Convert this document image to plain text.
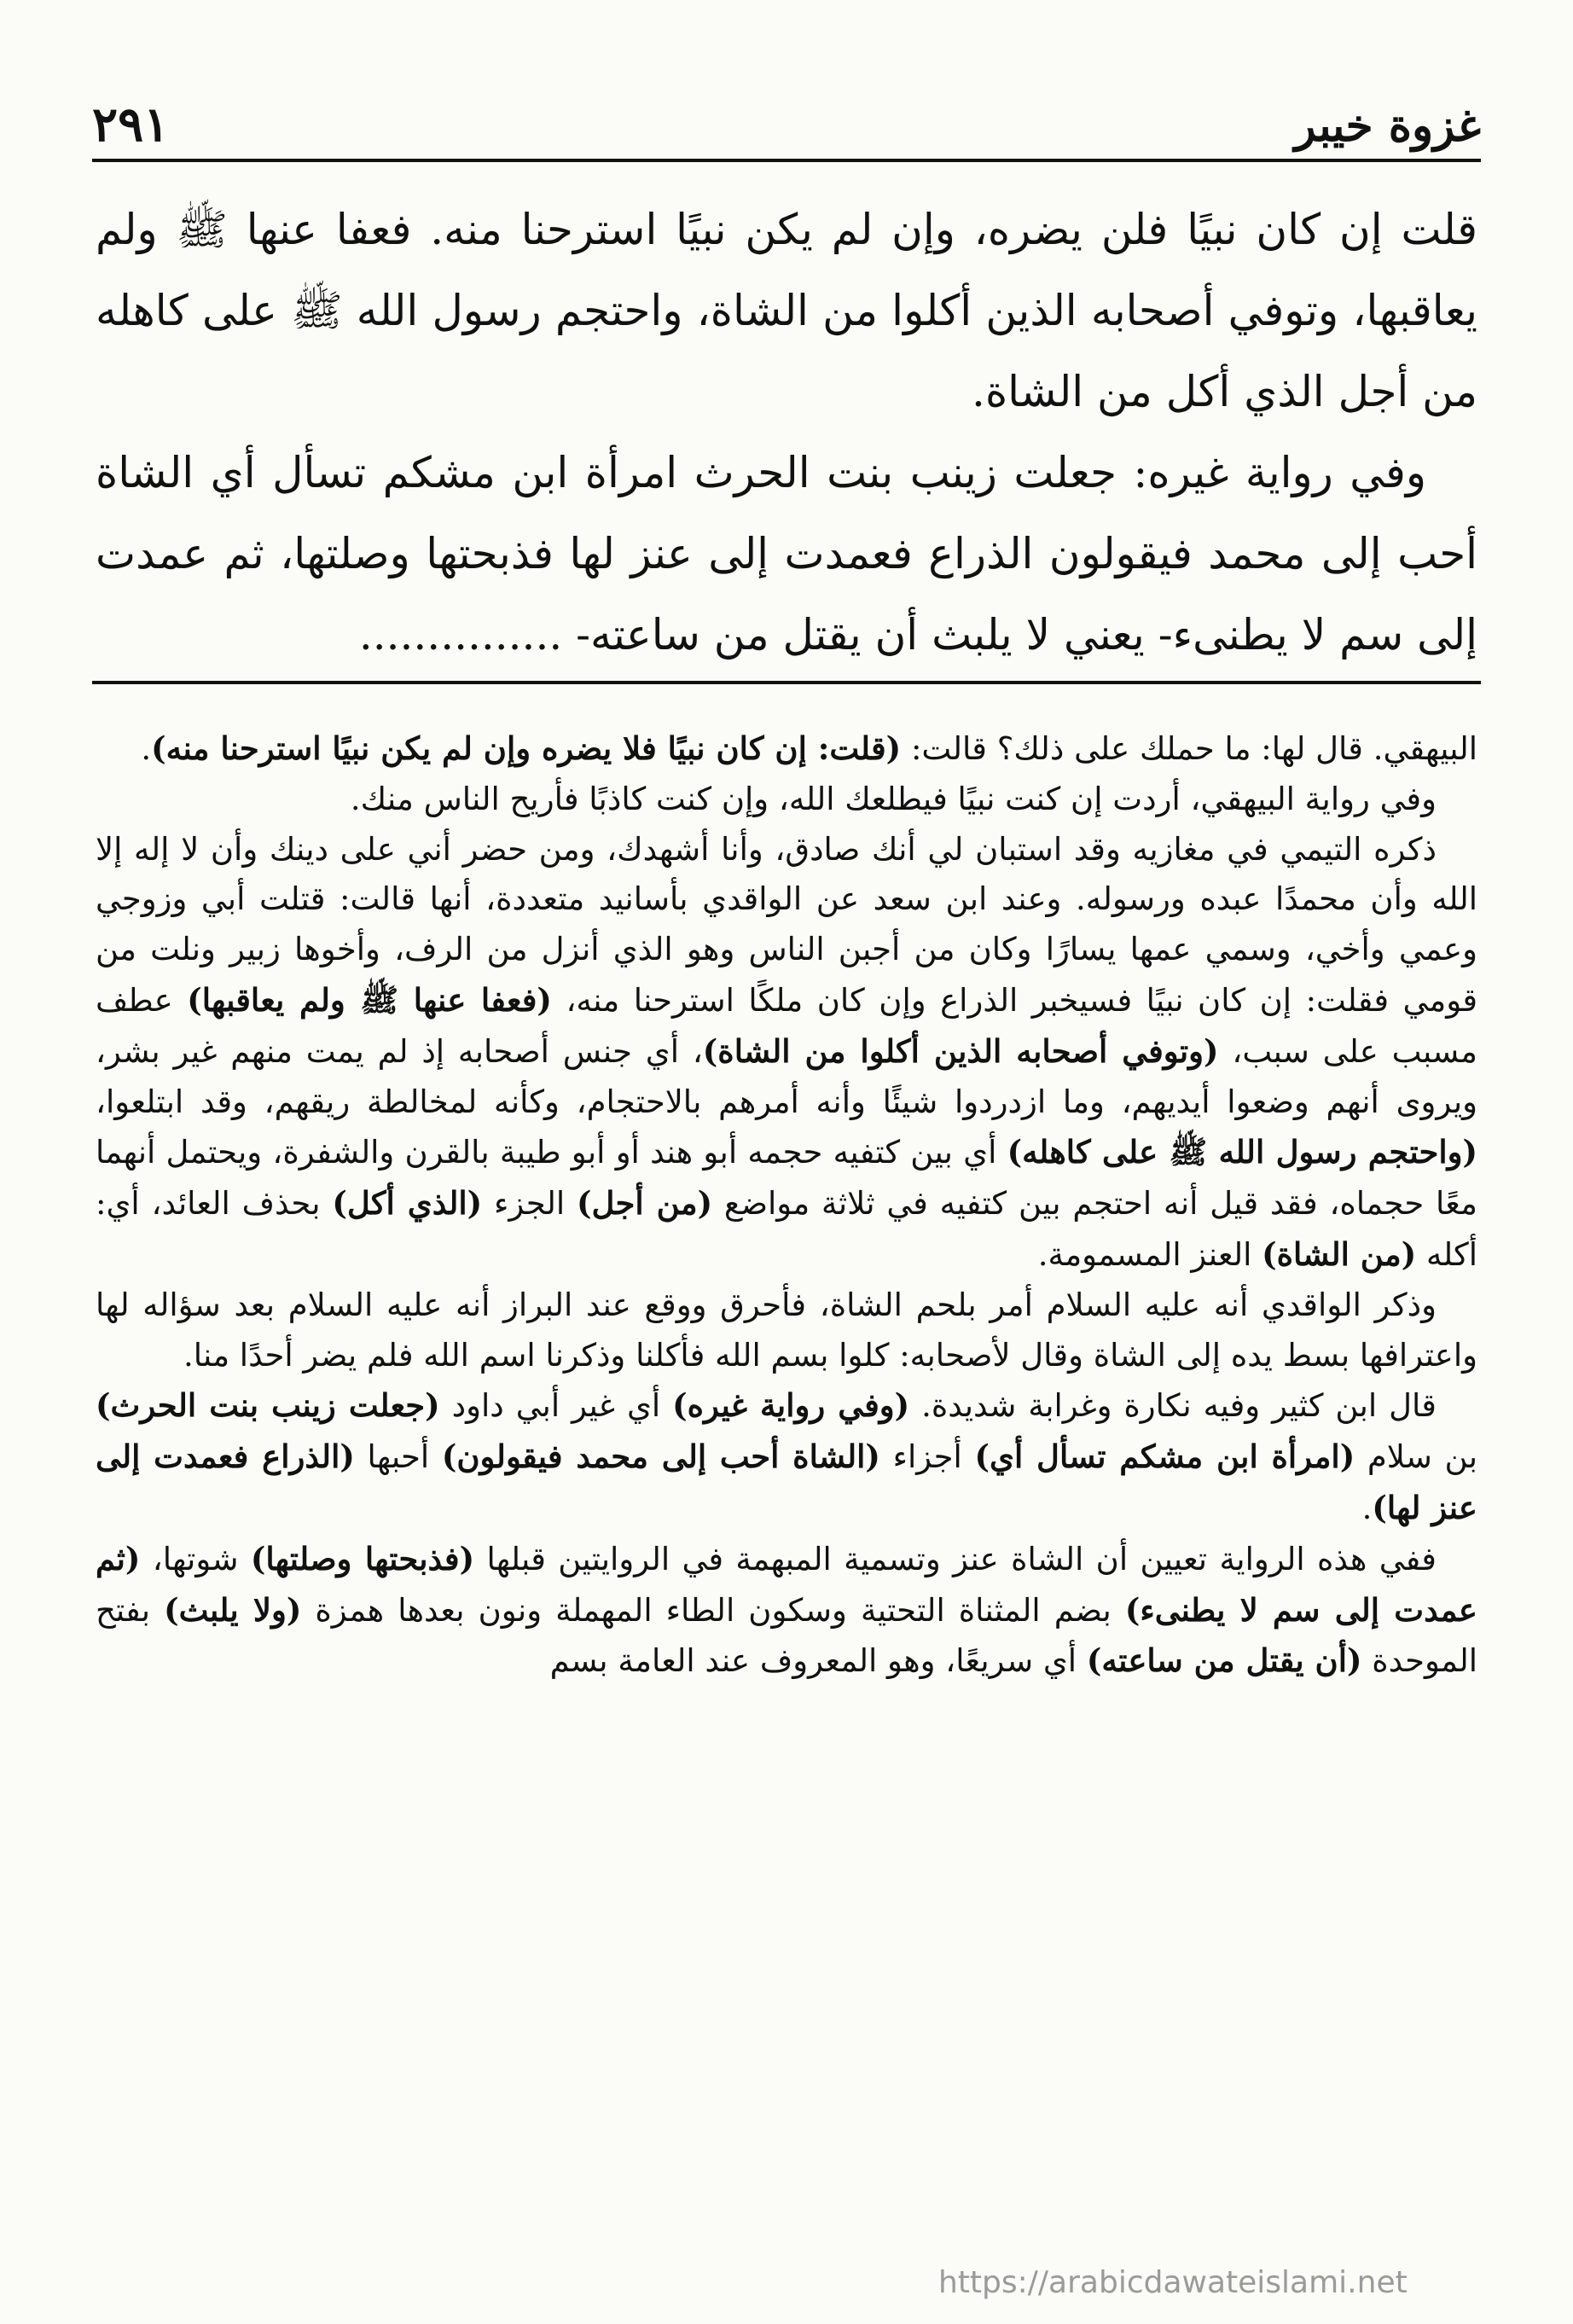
غزوة خيبر
٢٩١

قلت إن كان نبيًا فلن يضره، وإن لم يكن نبيًا استرحنا منه. فعفا عنها ﷺ ولم يعاقبها، وتوفي أصحابه الذين أكلوا من الشاة، واحتجم رسول الله ﷺ على كاهله من أجل الذي أكل من الشاة.

وفي رواية غيره: جعلت زينب بنت الحرث امرأة ابن مشكم تسأل أي الشاة أحب إلى محمد فيقولون الذراع فعمدت إلى عنز لها فذبحتها وصلتها، ثم عمدت إلى سم لا يطنىء- يعني لا يلبث أن يقتل من ساعته- ...............

البيهقي. قال لها: ما حملك على ذلك؟ قالت: (قلت: إن كان نبيًا فلا يضره وإن لم يكن نبيًا استرحنا منه).

وفي رواية البيهقي، أردت إن كنت نبيًا فيطلعك الله، وإن كنت كاذبًا فأريح الناس منك.

ذكره التيمي في مغازيه وقد استبان لي أنك صادق، وأنا أشهدك، ومن حضر أني على دينك وأن لا إله إلا الله وأن محمدًا عبده ورسوله. وعند ابن سعد عن الواقدي بأسانيد متعددة، أنها قالت: قتلت أبي وزوجي وعمي وأخي، وسمي عمها يسارًا وكان من أجبن الناس وهو الذي أنزل من الرف، وأخوها زبير ونلت من قومي فقلت: إن كان نبيًا فسيخبر الذراع وإن كان ملكًا استرحنا منه، (فعفا عنها ﷺ ولم يعاقبها) عطف مسبب على سبب، (وتوفي أصحابه الذين أكلوا من الشاة)، أي جنس أصحابه إذ لم يمت منهم غير بشر، ويروى أنهم وضعوا أيديهم، وما ازدردوا شيئًا وأنه أمرهم بالاحتجام، وكأنه لمخالطة ريقهم، وقد ابتلعوا، (واحتجم رسول الله ﷺ على كاهله) أي بين كتفيه حجمه أبو هند أو أبو طيبة بالقرن والشفرة، ويحتمل أنهما معًا حجماه، فقد قيل أنه احتجم بين كتفيه في ثلاثة مواضع (من أجل) الجزء (الذي أكل) بحذف العائد، أي: أكله (من الشاة) العنز المسمومة.

وذكر الواقدي أنه عليه السلام أمر بلحم الشاة، فأحرق ووقع عند البراز أنه عليه السلام بعد سؤاله لها واعترافها بسط يده إلى الشاة وقال لأصحابه: كلوا بسم الله فأكلنا وذكرنا اسم الله فلم يضر أحدًا منا.

قال ابن كثير وفيه نكارة وغرابة شديدة. (وفي رواية غيره) أي غير أبي داود (جعلت زينب بنت الحرث) بن سلام (امرأة ابن مشكم تسأل أي) أجزاء (الشاة أحب إلى محمد فيقولون) أحبها (الذراع فعمدت إلى عنز لها).

ففي هذه الرواية تعيين أن الشاة عنز وتسمية المبهمة في الروايتين قبلها (فذبحتها وصلتها) شوتها، (ثم عمدت إلى سم لا يطنىء) بضم المثناة التحتية وسكون الطاء المهملة ونون بعدها همزة (ولا يلبث) بفتح الموحدة (أن يقتل من ساعته) أي سريعًا، وهو المعروف عند العامة بسم

https://arabicdawateislami.net
